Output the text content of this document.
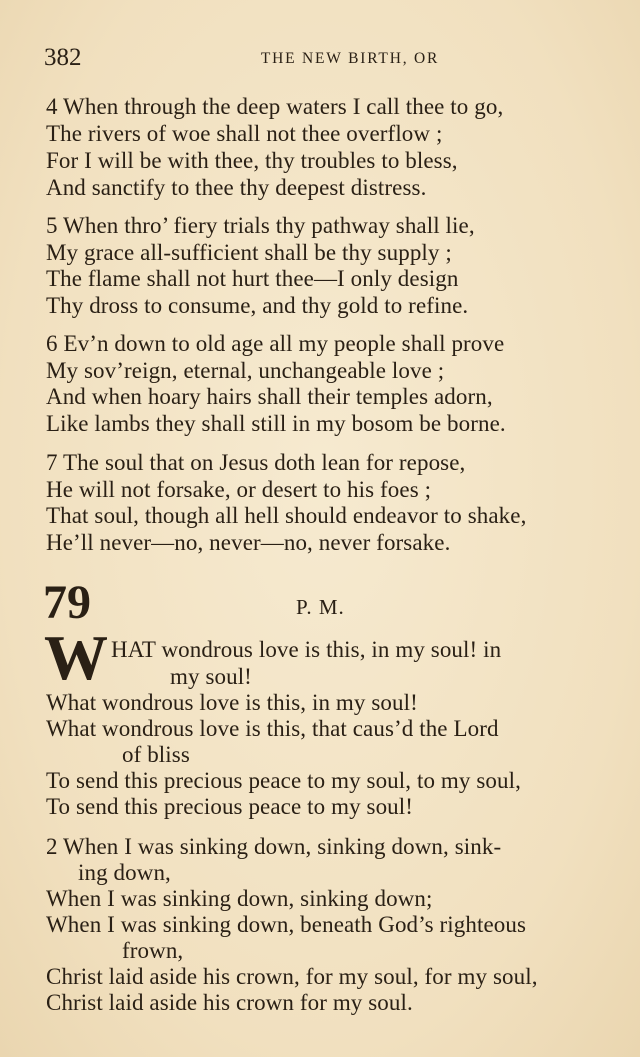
382	THE NEW BIRTH, OR
4 When through the deep waters I call thee to go,
The rivers of woe shall not thee overflow ;
For I will be with thee, thy troubles to bless,
And sanctify to thee thy deepest distress.
5 When thro’ fiery trials thy pathway shall lie,
My grace all-sufficient shall be thy supply ;
The flame shall not hurt thee—I only design
Thy dross to consume, and thy gold to refine.
6 Ev’n down to old age all my people shall prove
My sov’reign, eternal, unchangeable love ;
And when hoary hairs shall their temples adorn,
Like lambs they shall still in my bosom be borne.
7 The soul that on Jesus doth lean for repose,
He will not forsake, or desert to his foes ;
That soul, though all hell should endeavor to shake,
He’ll never—no, never—no, never forsake.
79	P. M.
W HAT wondrous love is this, in my soul! in
my soul!
What wondrous love is this, in my soul!
What wondrous love is this, that caus’d the Lord
of bliss
To send this precious peace to my soul, to my soul,
To send this precious peace to my soul!
2 When I was sinking down, sinking down, sink-
ing down,
When I was sinking down, sinking down;
When I was sinking down, beneath God’s righteous
frown,
Christ laid aside his crown, for my soul, for my soul,
Christ laid aside his crown for my soul.
